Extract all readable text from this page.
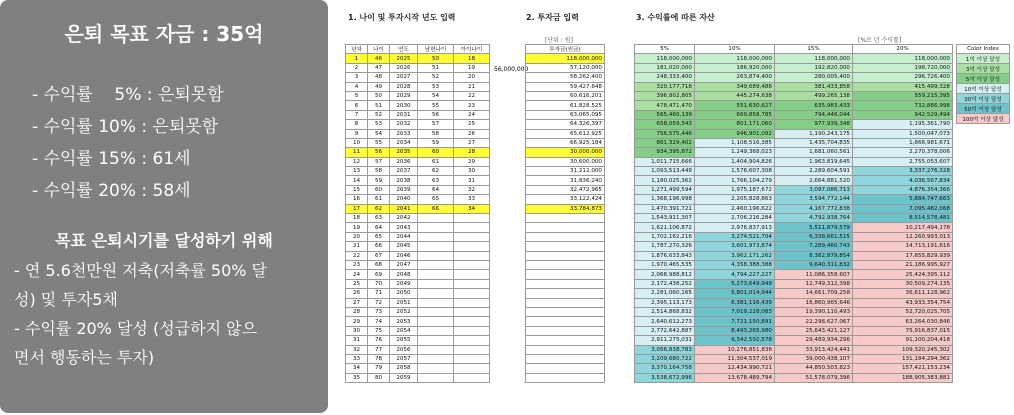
은퇴 목표 자금 : 35억
- 수익률    5% : 은퇴못함
- 수익률 10% : 은퇴못함
- 수익률 15% : 61세
- 수익률 20% : 58세
목표 은퇴시기를 달성하기 위해
- 연 5.6천만원 저축(저축률 50% 달
성) 및 투자5채
- 수익률 20% 달성 (성급하지 않으
면서 행동하는 투자)
1. 나이 및 투자시작 년도 입력	2. 투자금 입력	3. 수익률에 따른 자산
[단위 : 원]	[%로 년 수익률]
56,000,000
년차	나이	연도	남편나이	아이나이
1	46	2025	50	18
2	47	2026	51	19
3	48	2027	52	20
4	49	2028	53	21
5	50	2029	54	22
6	51	2030	55	23
7	52	2031	56	24
8	53	2032	57	25
9	54	2033	58	26
10	55	2034	59	27
11	56	2035	60	28
12	57	2036	61	29
13	58	2037	62	30
14	59	2038	63	31
15	60	2039	64	32
16	61	2040	65	33
17	62	2041	66	34
18	63	2042		
19	64	2043		
20	65	2044		
21	66	2045		
22	67	2046		
23	68	2047		
24	69	2048		
25	70	2049		
26	71	2050		
27	72	2051		
28	73	2052		
29	74	2053		
30	75	2054		
31	76	2055		
32	77	2056		
33	78	2057		
34	79	2058		
35	80	2059		
투자금(원금)
118,000,000
57,120,000
58,262,400
59,427,648
60,616,201
61,828,525
63,065,095
64,326,397
65,612,925
66,925,184
30,000,000
30,600,000
31,212,000
31,836,240
32,472,965
33,122,424
33,784,873

5%	10%	15%	20%
118,000,000	118,000,000	118,000,000	118,000,000
181,020,000	186,920,000	192,820,000	198,720,000
248,333,400	263,874,400	280,005,400	296,726,400
320,177,718	349,689,488	381,433,858	415,499,328
396,802,805	445,274,638	499,265,138	559,215,395
478,471,470	551,630,627	635,983,433	732,886,998
565,460,139	669,858,785	794,446,044	942,529,494
658,059,543	801,171,060	977,939,348	1,195,361,790
756,575,446	946,901,092	1,190,243,175	1,500,047,073
861,329,402	1,108,516,385	1,435,704,835	1,866,981,671
934,395,872	1,249,368,023	1,681,060,561	2,270,378,006
1,011,715,666	1,404,904,826	1,963,819,645	2,755,053,607
1,093,513,449	1,576,607,308	2,289,604,591	3,337,276,328
1,180,025,362	1,766,104,279	2,664,881,520	4,036,567,834
1,271,499,594	1,975,187,672	3,097,086,713	4,876,354,366
1,368,196,998	2,205,828,863	3,594,772,144	5,884,747,663
1,470,391,721	2,460,196,622	4,167,772,838	7,095,482,068
1,543,911,307	2,706,216,284	4,792,938,764	8,514,578,481
1,621,106,872	2,976,837,913	5,511,879,579	10,217,494,178
1,702,162,216	3,274,521,704	6,338,661,515	12,260,993,013
1,787,270,326	3,601,973,874	7,289,460,743	14,713,191,616
1,876,633,843	3,962,171,262	8,382,879,854	17,655,829,939
1,970,465,535	4,358,388,388	9,640,311,832	21,186,995,927
2,068,988,812	4,794,227,227	11,086,358,607	25,424,395,112
2,172,438,252	5,273,649,949	12,749,312,398	30,509,274,135
2,281,060,165	5,801,014,944	14,661,709,258	36,611,128,962
2,395,113,173	6,381,116,439	16,860,965,646	43,933,354,754
2,514,868,832	7,019,228,083	19,390,110,493	52,720,025,705
2,640,612,273	7,721,150,891	22,298,627,067	63,264,030,846
2,772,642,887	8,493,265,980	25,643,421,127	75,916,837,015
2,911,275,031	9,342,592,578	29,489,934,296	91,100,204,418
3,056,838,783	10,276,851,836	33,913,424,441	109,320,245,302
3,209,680,722	11,304,537,019	39,000,438,107	131,184,294,362
3,370,164,758	12,434,990,721	44,850,503,823	157,421,153,234
3,538,672,996	13,678,489,794	51,578,079,396	188,905,383,881
Color Index
1억 이상 달성
3억 이상 달성
5억 이상 달성
10억 이상 달성
30억 이상 달성
50억 이상 달성
100억 이상 달성
